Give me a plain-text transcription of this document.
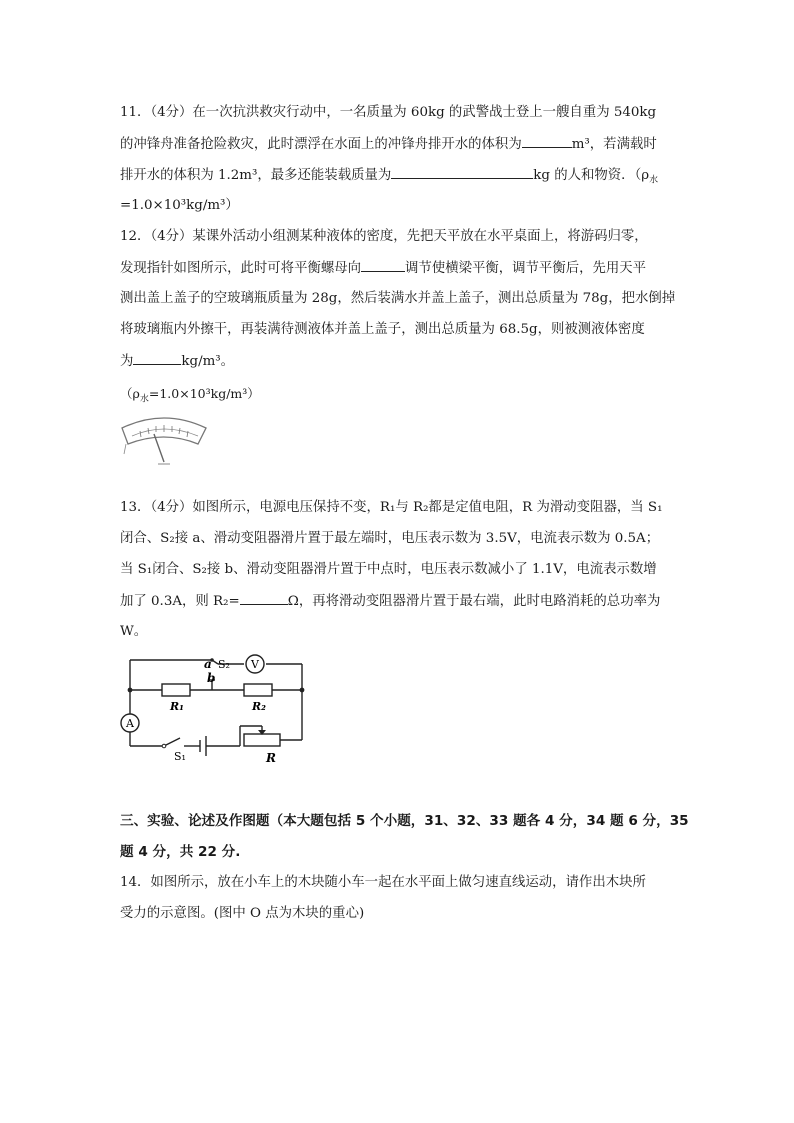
11．（4分）在一次抗洪救灾行动中，一名质量为 60kg 的武警战士登上一艘自重为 540kg
的冲锋舟准备抢险救灾，此时漂浮在水面上的冲锋舟排开水的体积为	m³，若满载时
排开水的体积为 1.2m³，最多还能装载质量为	kg 的人和物资．（$\rho_水$
=1.0×10³kg/m³）
12．（4分）某课外活动小组测某种液体的密度，先把天平放在水平桌面上，将游码归零，
发现指针如图所示，此时可将平衡螺母向	调节使横梁平衡，调节平衡后，先用天平
测出盖上盖子的空玻璃瓶质量为 28g，然后装满水并盖上盖子，测出总质量为 78g，把水倒掉
将玻璃瓶内外擦干，再装满待测液体并盖上盖子，测出总质量为 68.5g，则被测液体密度
为	kg/m³。
$(\rho_水=1.0\times 10^3kg/m^3)$
13．（4分）如图所示，电源电压保持不变，R₁与 R₂都是定值电阻，R 为滑动变阻器，当 S₁
闭合、S₂接 a、滑动变阻器滑片置于最左端时，电压表示数为 3.5V，电流表示数为 0.5A；
当 S₁闭合、S₂接 b、滑动变阻器滑片置于中点时，电压表示数减小了 1.1V，电流表示数增
加了 0.3A，则 R₂=	Ω，再将滑动变阻器滑片置于最右端，此时电路消耗的总功率为
W。
V
A
a
b
S₂
R₁	R₂
S₁	R
三、实验、论述及作图题（本大题包括 5 个小题，31、32、33 题各 4 分，34 题 6 分，35
题 4 分，共 22 分.
14．如图所示，放在小车上的木块随小车一起在水平面上做匀速直线运动，请作出木块所
受力的示意图。(图中 O 点为木块的重心)
